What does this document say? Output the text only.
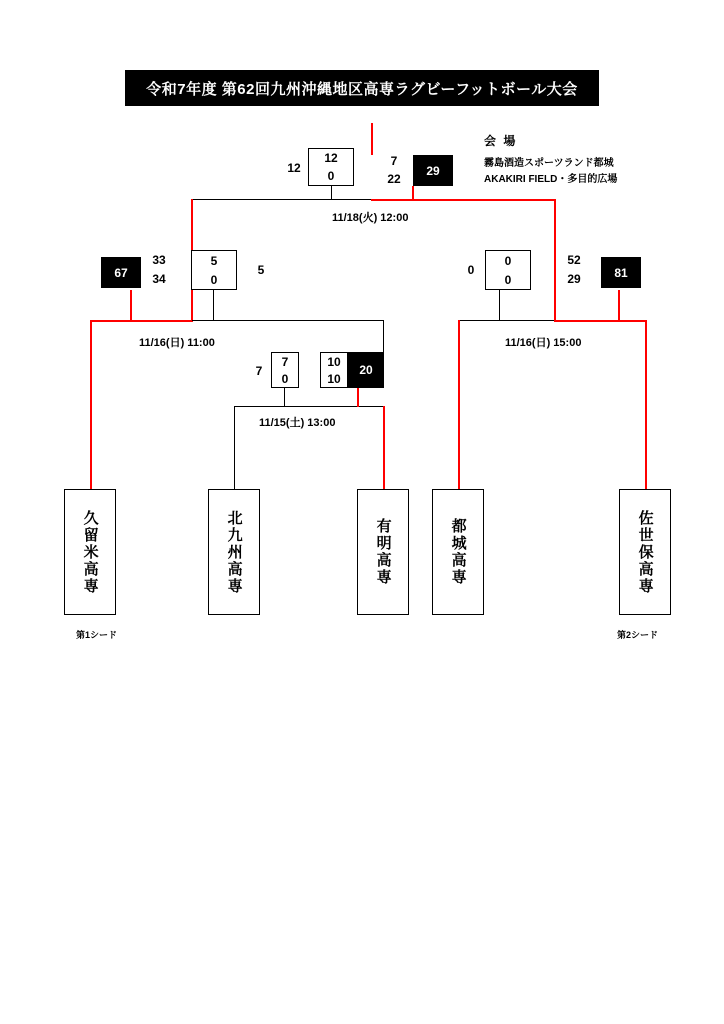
令和7年度 第62回九州沖縄地区高専ラグビーフットボール大会
会 場
霧島酒造スポーツランド都城
AKAKIRI FIELD・多目的広場
12
12
0
7
22
29
11/18(火) 12:00
67
33
34
5
0
5
11/16(日) 11:00
0
0
0
52
29	81
11/16(日) 15:00
7
7
0
10
10
20
11/15(土) 13:00
久留米高専	北九州高専	有明高専	都城高専	佐世保高専
第1シード	第2シード
